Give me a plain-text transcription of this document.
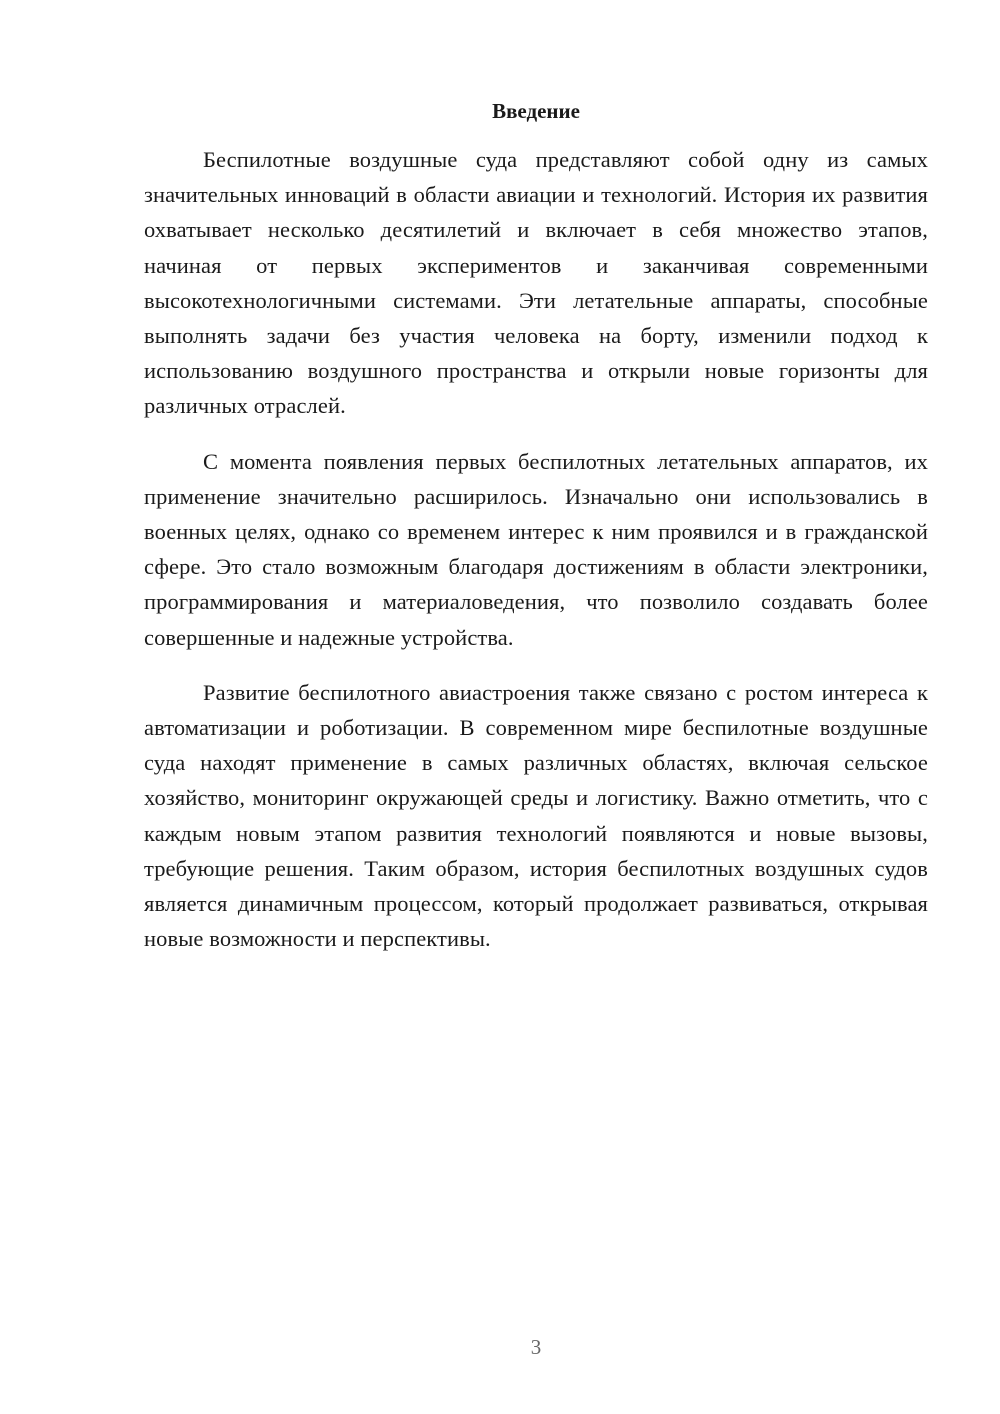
Введение

Беспилотные воздушные суда представляют собой одну из самых значительных инноваций в области авиации и технологий. История их развития охватывает несколько десятилетий и включает в себя множество этапов, начиная от первых экспериментов и заканчивая современными высокотехнологичными системами. Эти летательные аппараты, способные выполнять задачи без участия человека на борту, изменили подход к использованию воздушного пространства и открыли новые горизонты для различных отраслей.

С момента появления первых беспилотных летательных аппаратов, их применение значительно расширилось. Изначально они использовались в военных целях, однако со временем интерес к ним проявился и в гражданской сфере. Это стало возможным благодаря достижениям в области электроники, программирования и материаловедения, что позволило создавать более совершенные и надежные устройства.

Развитие беспилотного авиастроения также связано с ростом интереса к автоматизации и роботизации. В современном мире беспилотные воздушные суда находят применение в самых различных областях, включая сельское хозяйство, мониторинг окружающей среды и логистику. Важно отметить, что с каждым новым этапом развития технологий появляются и новые вызовы, требующие решения. Таким образом, история беспилотных воздушных судов является динамичным процессом, который продолжает развиваться, открывая новые возможности и перспективы.

3
